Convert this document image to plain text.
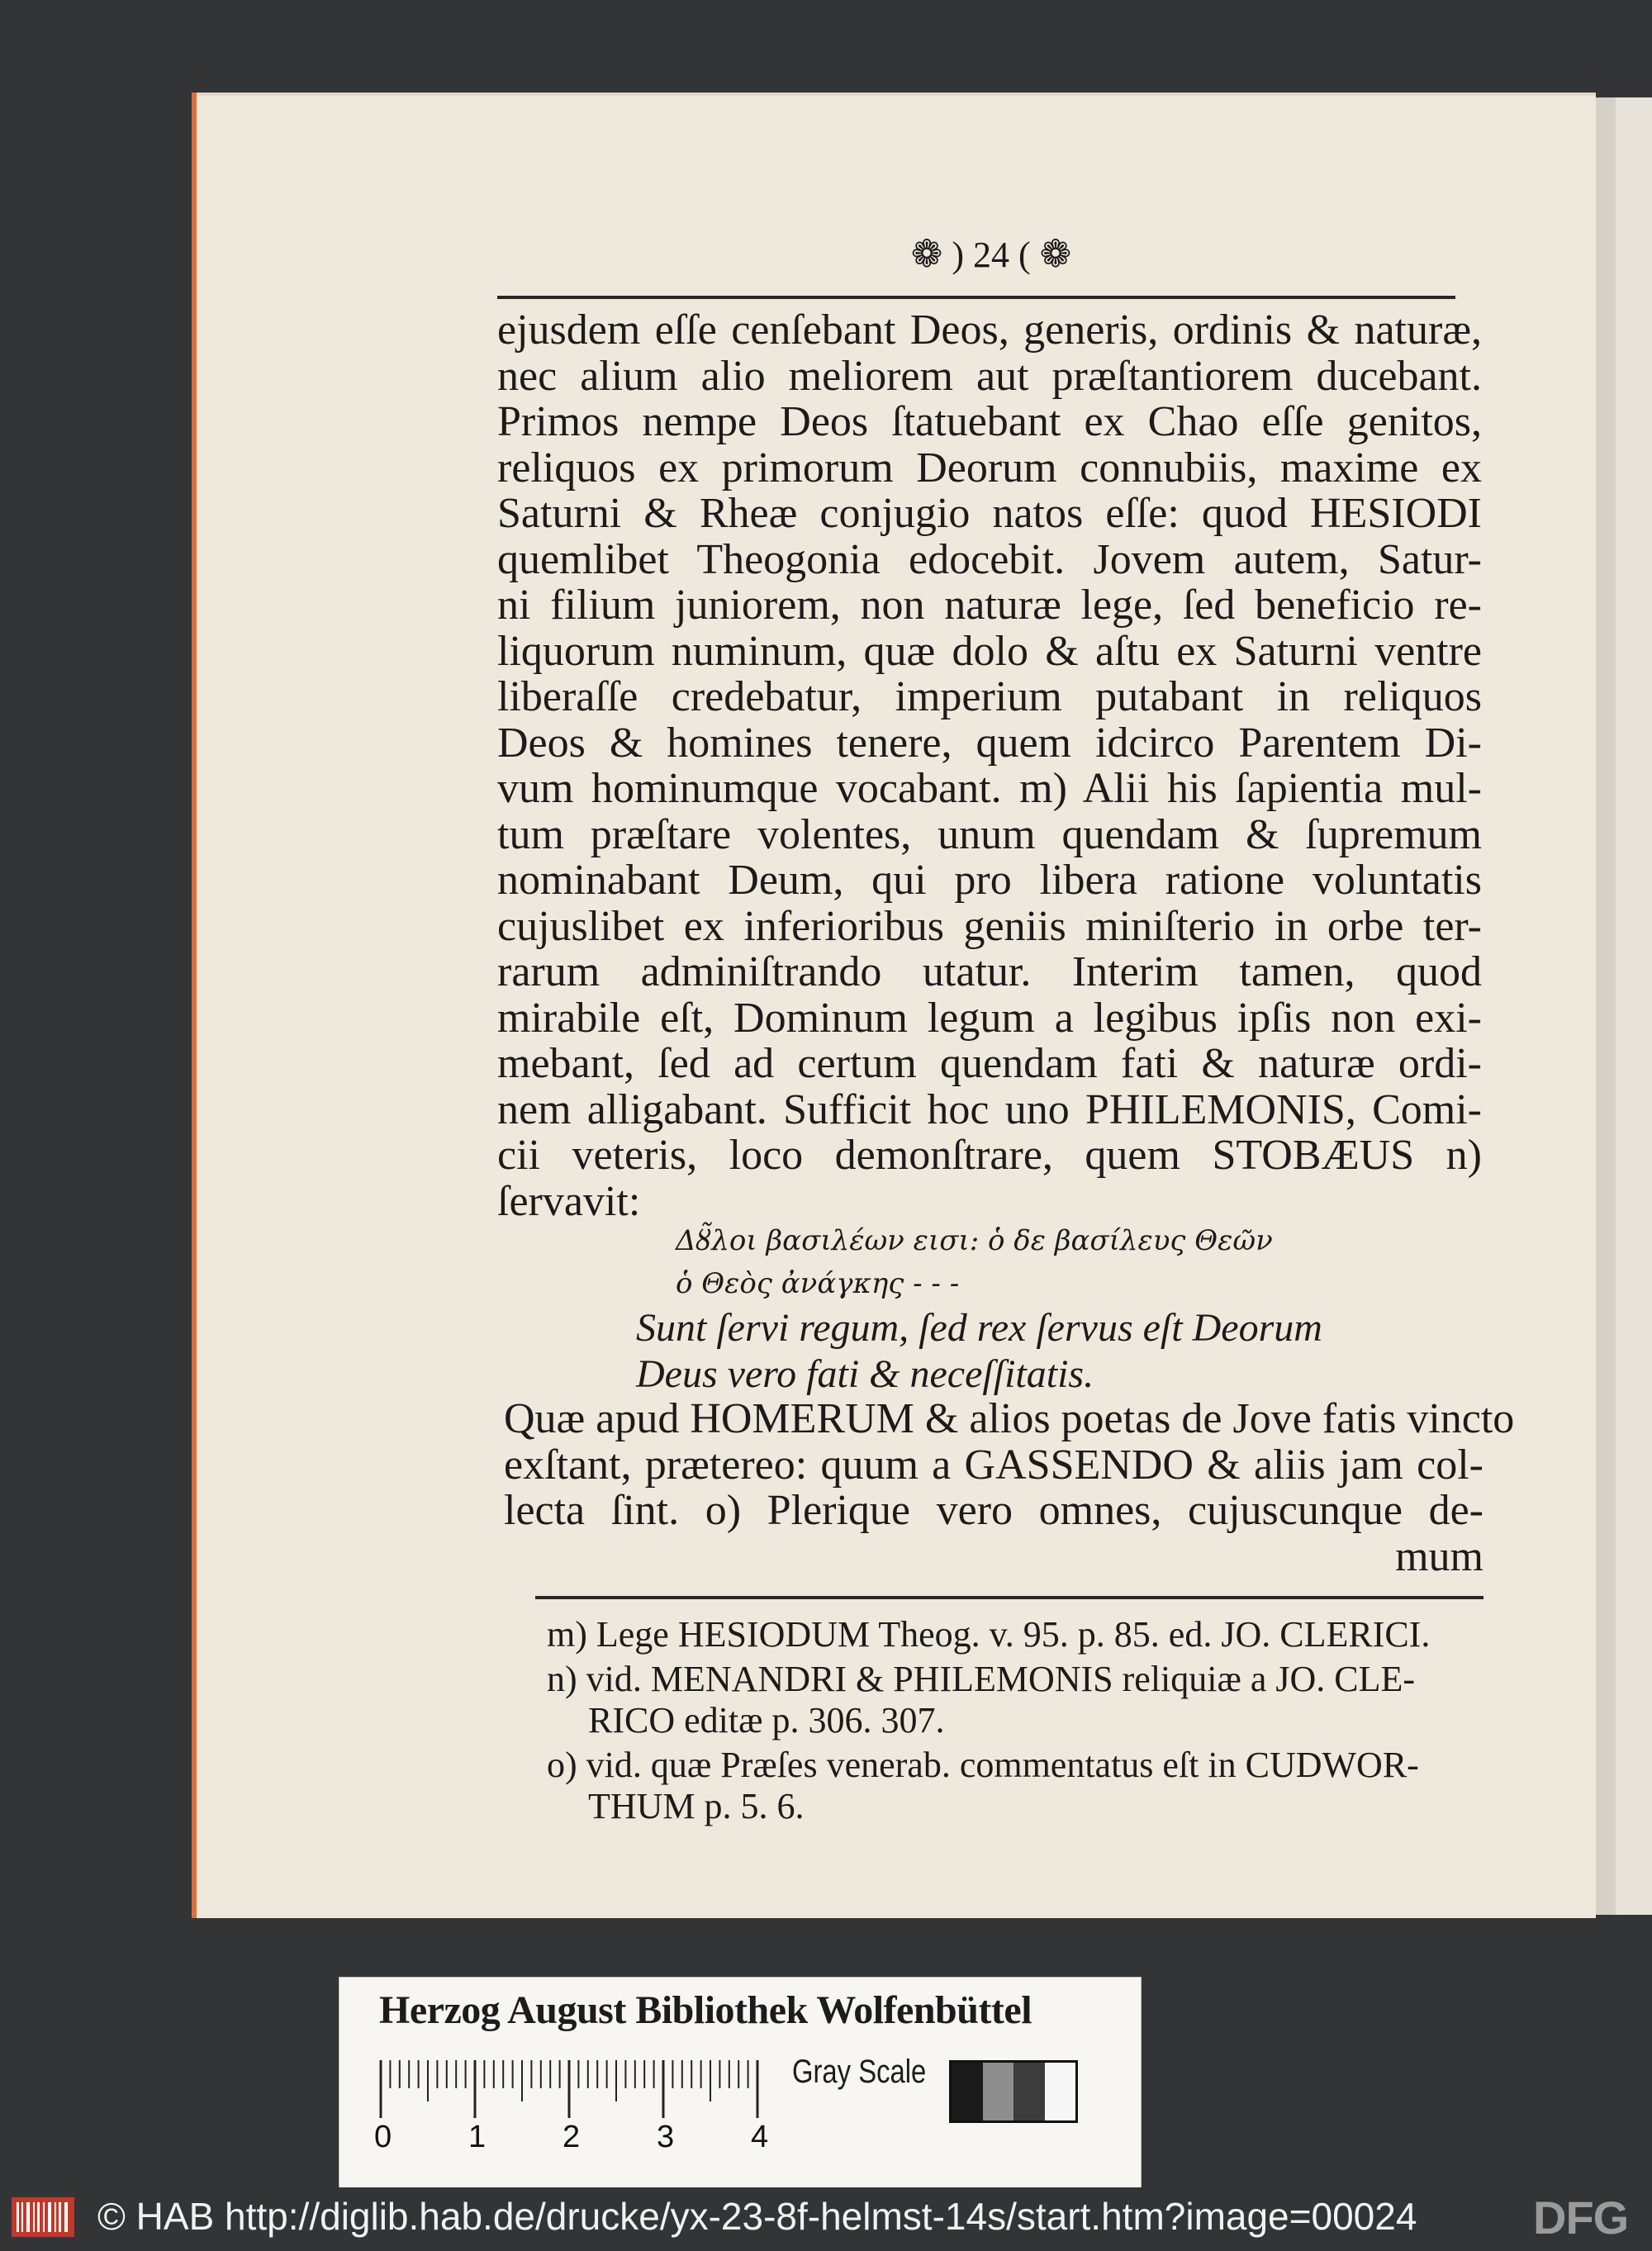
❁ ) 24 ( ❁
ejusdem eſſe cenſebant Deos, generis, ordinis & naturæ,
nec alium alio meliorem aut præſtantiorem ducebant.
Primos nempe Deos ſtatuebant ex Chao eſſe genitos,
reliquos ex primorum Deorum connubiis, maxime ex
Saturni & Rheæ conjugio natos eſſe: quod HESIODI
quemlibet Theogonia edocebit. Jovem autem, Satur-
ni filium juniorem, non naturæ lege, ſed beneficio re-
liquorum numinum, quæ dolo & aſtu ex Saturni ventre
liberaſſe credebatur, imperium putabant in reliquos
Deos & homines tenere, quem idcirco Parentem Di-
vum hominumque vocabant. m) Alii his ſapientia mul-
tum præſtare volentes, unum quendam & ſupremum
nominabant Deum, qui pro libera ratione voluntatis
cujuslibet ex inferioribus geniis miniſterio in orbe ter-
rarum adminiſtrando utatur. Interim tamen, quod
mirabile eſt, Dominum legum a legibus ipſis non exi-
mebant, ſed ad certum quendam fati & naturæ ordi-
nem alligabant. Sufficit hoc uno PHILEMONIS, Comi-
cii veteris, loco demonſtrare, quem STOBÆUS n)
ſervavit:
Δȣ̃λοι βασιλέων εισι: ὁ δε βασίλευς Θεῶν
ὁ Θεὸς ἀνάγκης - - -
Sunt ſervi regum, ſed rex ſervus eſt Deorum
Deus vero fati & neceſſitatis.
Quæ apud HOMERUM & alios poetas de Jove fatis vincto
exſtant, prætereo: quum a GASSENDO & aliis jam col-
lecta ſint. o) Plerique vero omnes, cujuscunque de-
mum
m) Lege HESIODUM Theog. v. 95. p. 85. ed. JO. CLERICI.
n) vid. MENANDRI & PHILEMONIS reliquiæ a JO. CLE-
RICO editæ p. 306. 307.
o) vid. quæ Præſes venerab. commentatus eſt in CUDWOR-
THUM p. 5. 6.
Herzog August Bibliothek Wolfenbüttel
0 1 2 3 4
Gray Scale
© HAB http://diglib.hab.de/drucke/yx-23-8f-helmst-14s/start.htm?image=00024	DFG
